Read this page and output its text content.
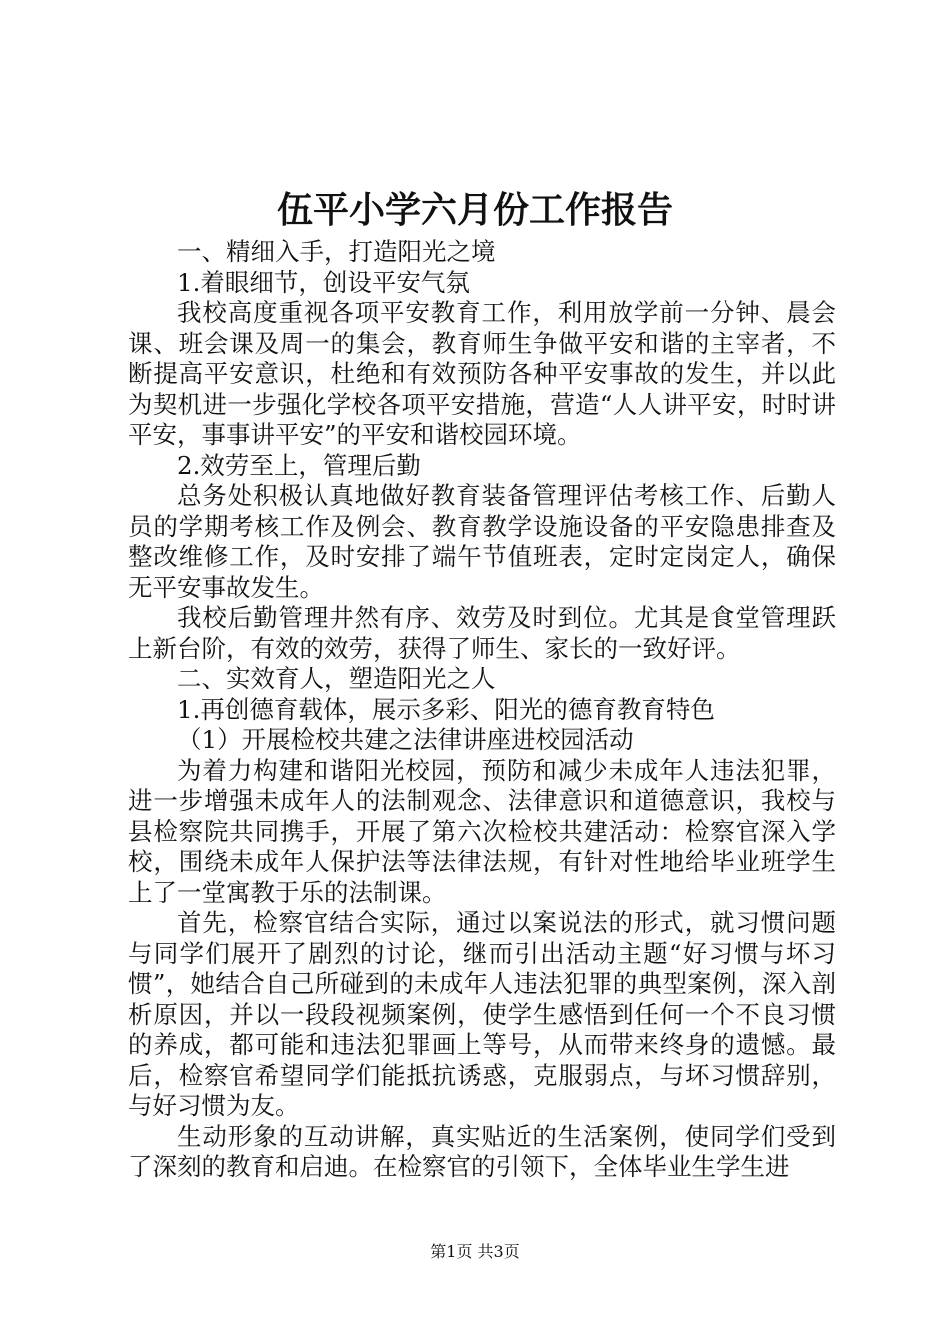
伍平小学六月份工作报告

一、精细入手，打造阳光之境

1.着眼细节，创设平安气氛

我校高度重视各项平安教育工作，利用放学前一分钟、晨会课、班会课及周一的集会，教育师生争做平安和谐的主宰者，不断提高平安意识，杜绝和有效预防各种平安事故的发生，并以此为契机进一步强化学校各项平安措施，营造“人人讲平安，时时讲平安，事事讲平安”的平安和谐校园环境。

2.效劳至上，管理后勤

总务处积极认真地做好教育装备管理评估考核工作、后勤人员的学期考核工作及例会、教育教学设施设备的平安隐患排查及整改维修工作，及时安排了端午节值班表，定时定岗定人，确保无平安事故发生。

我校后勤管理井然有序、效劳及时到位。尤其是食堂管理跃上新台阶，有效的效劳，获得了师生、家长的一致好评。

二、实效育人，塑造阳光之人

1.再创德育载体，展示多彩、阳光的德育教育特色

（1）开展检校共建之法律讲座进校园活动

为着力构建和谐阳光校园，预防和减少未成年人违法犯罪，进一步增强未成年人的法制观念、法律意识和道德意识，我校与县检察院共同携手，开展了第六次检校共建活动：检察官深入学校，围绕未成年人保护法等法律法规，有针对性地给毕业班学生上了一堂寓教于乐的法制课。

首先，检察官结合实际，通过以案说法的形式，就习惯问题与同学们展开了剧烈的讨论，继而引出活动主题“好习惯与坏习惯”，她结合自己所碰到的未成年人违法犯罪的典型案例，深入剖析原因，并以一段段视频案例，使学生感悟到任何一个不良习惯的养成，都可能和违法犯罪画上等号，从而带来终身的遗憾。最后，检察官希望同学们能抵抗诱惑，克服弱点，与坏习惯辞别，与好习惯为友。

生动形象的互动讲解，真实贴近的生活案例，使同学们受到了深刻的教育和启迪。在检察官的引领下，全体毕业生学生进

第1页 共3页
